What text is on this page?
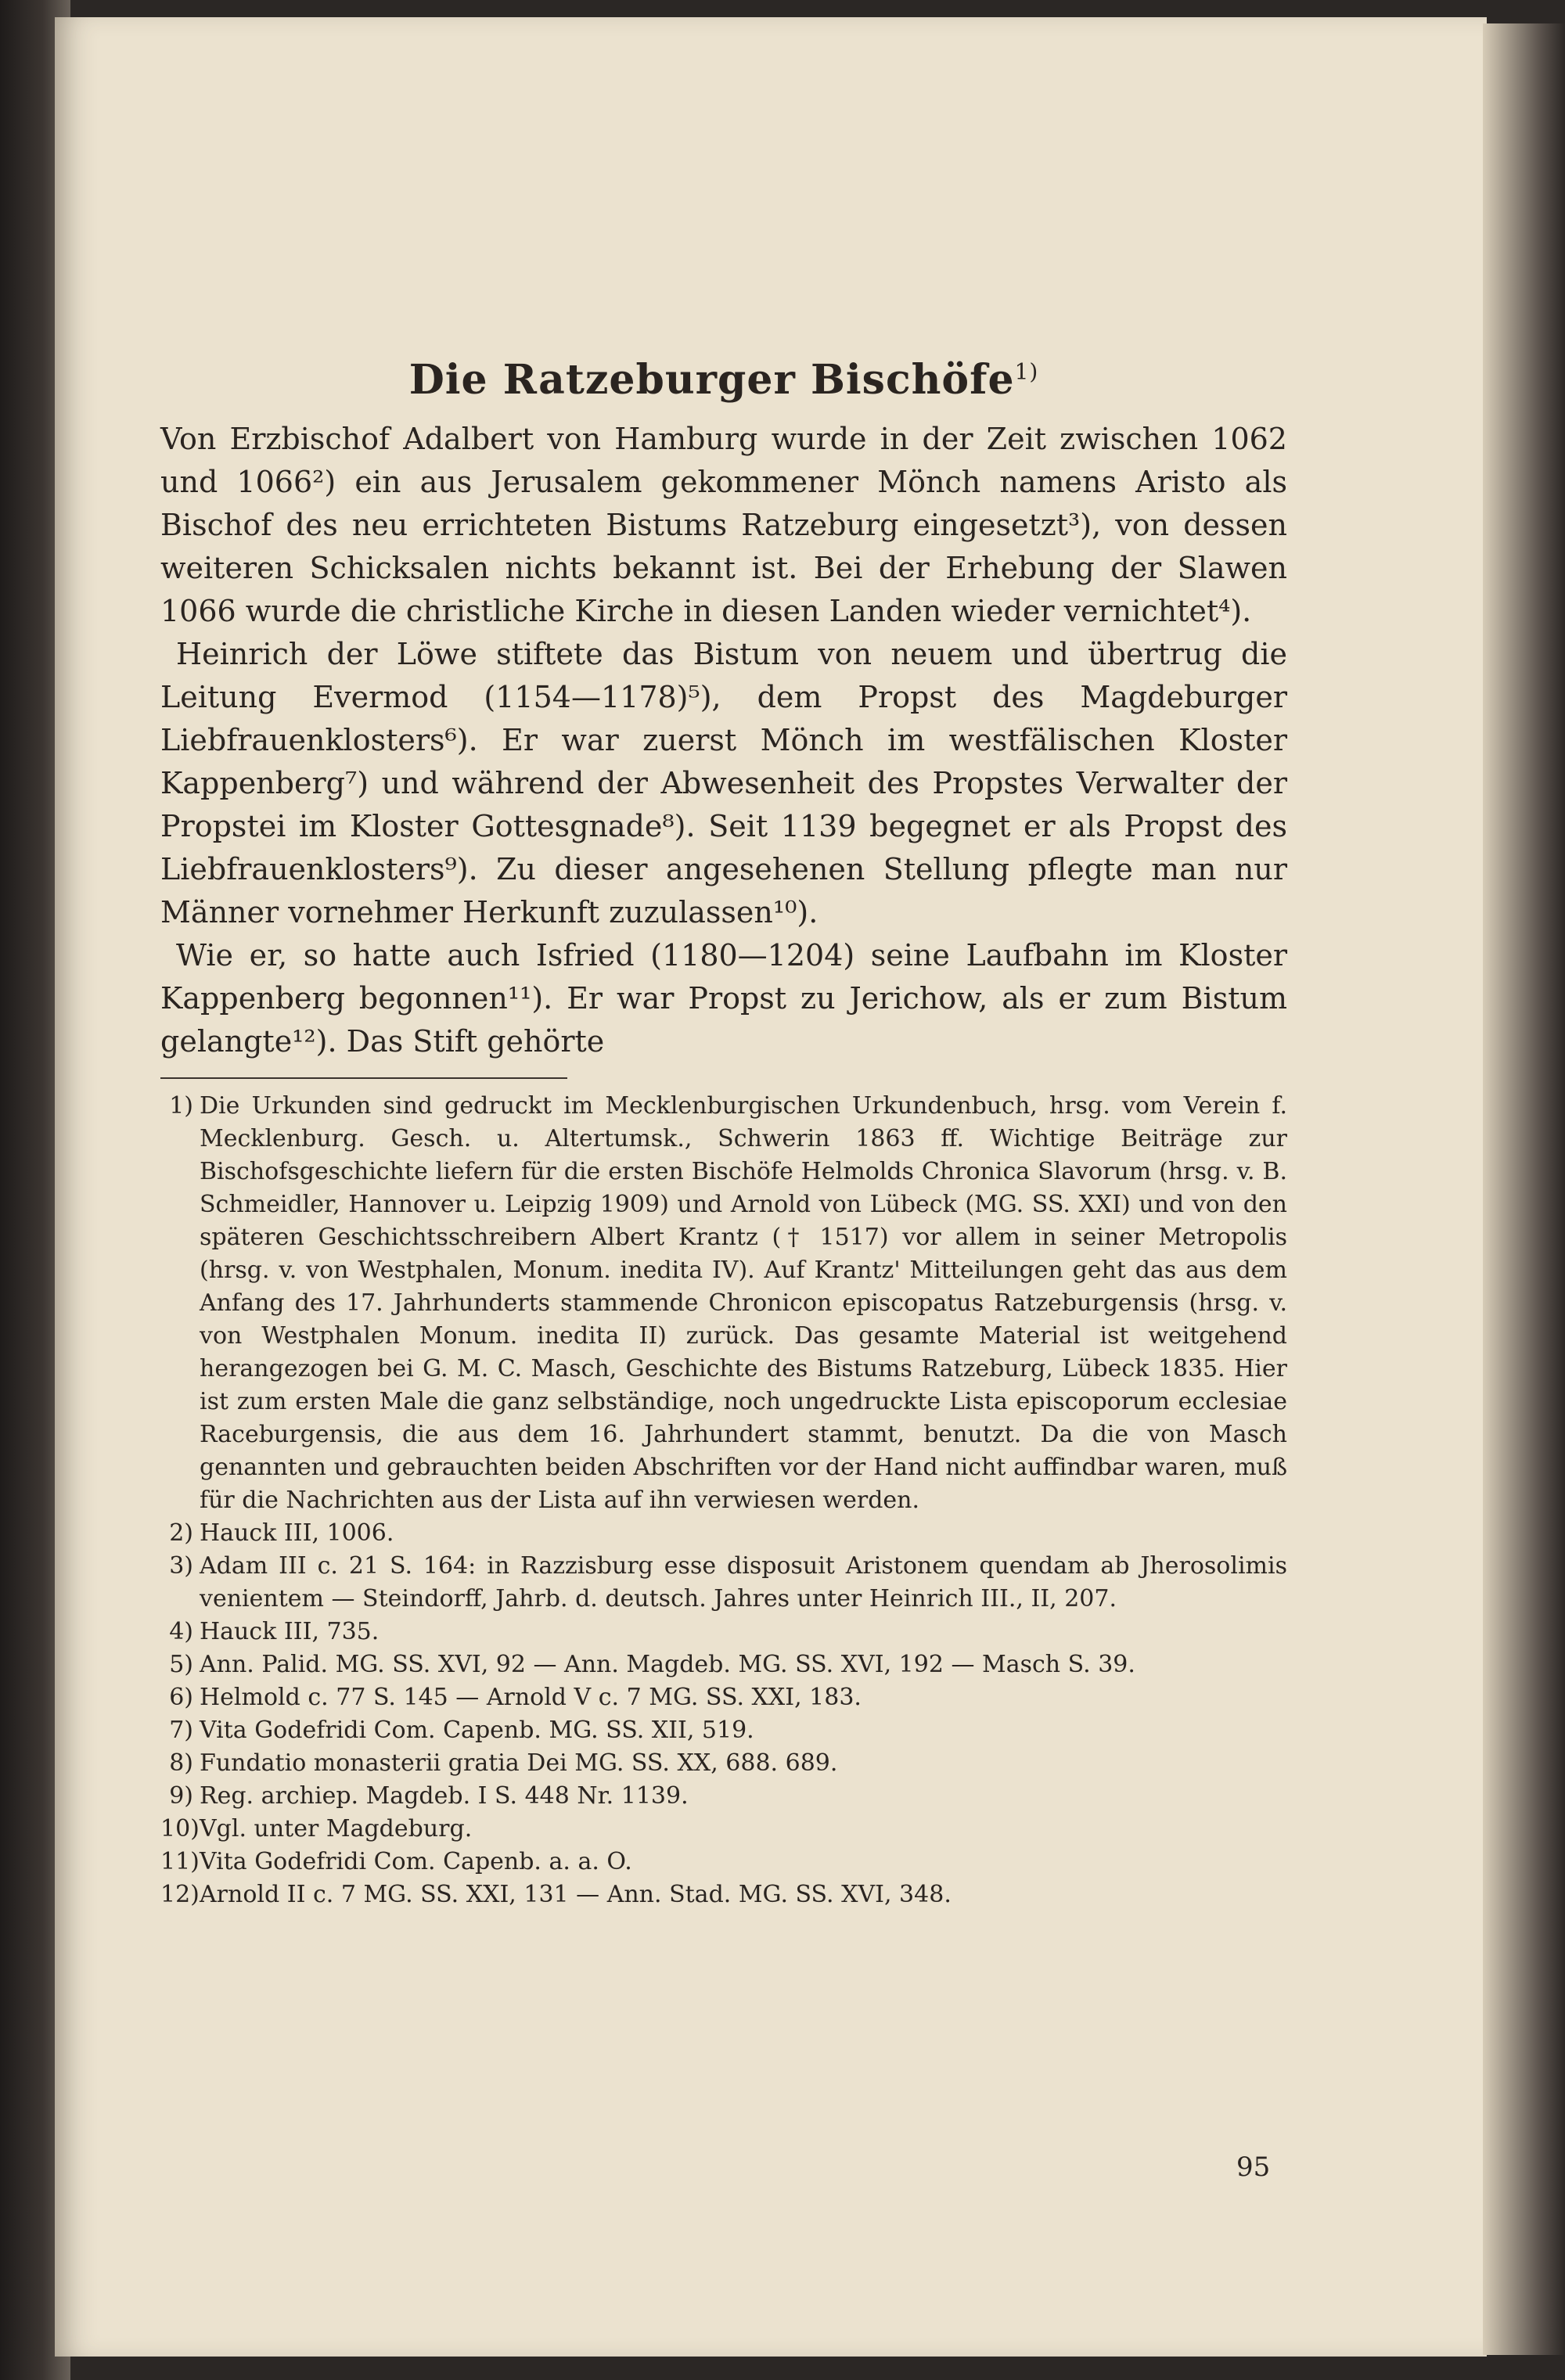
Die Ratzeburger Bischöfe$^{1)}$

Von Erzbischof Adalbert von Hamburg wurde in der Zeit zwischen 1062 und 1066²) ein aus Jerusalem gekommener Mönch namens Aristo als Bischof des neu errichteten Bistums Ratzeburg eingesetzt³), von dessen weiteren Schicksalen nichts bekannt ist. Bei der Erhebung der Slawen 1066 wurde die christliche Kirche in diesen Landen wieder vernichtet⁴).

Heinrich der Löwe stiftete das Bistum von neuem und übertrug die Leitung Evermod (1154—1178)⁵), dem Propst des Magdeburger Liebfrauenklosters⁶). Er war zuerst Mönch im westfälischen Kloster Kappenberg⁷) und während der Abwesenheit des Propstes Verwalter der Propstei im Kloster Gottesgnade⁸). Seit 1139 begegnet er als Propst des Liebfrauenklosters⁹). Zu dieser angesehenen Stellung pflegte man nur Männer vornehmer Herkunft zuzulassen¹⁰).

Wie er, so hatte auch Isfried (1180—1204) seine Laufbahn im Kloster Kappenberg begonnen¹¹). Er war Propst zu Jerichow, als er zum Bistum gelangte¹²). Das Stift gehörte

1) Die Urkunden sind gedruckt im Mecklenburgischen Urkundenbuch, hrsg. vom Verein f. Mecklenburg. Gesch. u. Altertumsk., Schwerin 1863 ff. Wichtige Beiträge zur Bischofsgeschichte liefern für die ersten Bischöfe Helmolds Chronica Slavorum (hrsg. v. B. Schmeidler, Hannover u. Leipzig 1909) und Arnold von Lübeck (MG. SS. XXI) und von den späteren Geschichtsschreibern Albert Krantz († 1517) vor allem in seiner Metropolis (hrsg. v. von Westphalen, Monum. inedita IV). Auf Krantz' Mitteilungen geht das aus dem Anfang des 17. Jahrhunderts stammende Chronicon episcopatus Ratzeburgensis (hrsg. v. von Westphalen Monum. inedita II) zurück. Das gesamte Material ist weitgehend herangezogen bei G. M. C. Masch, Geschichte des Bistums Ratzeburg, Lübeck 1835. Hier ist zum ersten Male die ganz selbständige, noch ungedruckte Lista episcoporum ecclesiae Raceburgensis, die aus dem 16. Jahrhundert stammt, benutzt. Da die von Masch genannten und gebrauchten beiden Abschriften vor der Hand nicht auffindbar waren, muß für die Nachrichten aus der Lista auf ihn verwiesen werden.
2) Hauck III, 1006.
3) Adam III c. 21 S. 164: in Razzisburg esse disposuit Aristonem quendam ab Jherosolimis venientem — Steindorff, Jahrb. d. deutsch. Jahres unter Heinrich III., II, 207.
4) Hauck III, 735.
5) Ann. Palid. MG. SS. XVI, 92 — Ann. Magdeb. MG. SS. XVI, 192 — Masch S. 39.
6) Helmold c. 77 S. 145 — Arnold V c. 7 MG. SS. XXI, 183.
7) Vita Godefridi Com. Capenb. MG. SS. XII, 519.
8) Fundatio monasterii gratia Dei MG. SS. XX, 688. 689.
9) Reg. archiep. Magdeb. I S. 448 Nr. 1139.
10) Vgl. unter Magdeburg.
11) Vita Godefridi Com. Capenb. a. a. O.
12) Arnold II c. 7 MG. SS. XXI, 131 — Ann. Stad. MG. SS. XVI, 348.
95
